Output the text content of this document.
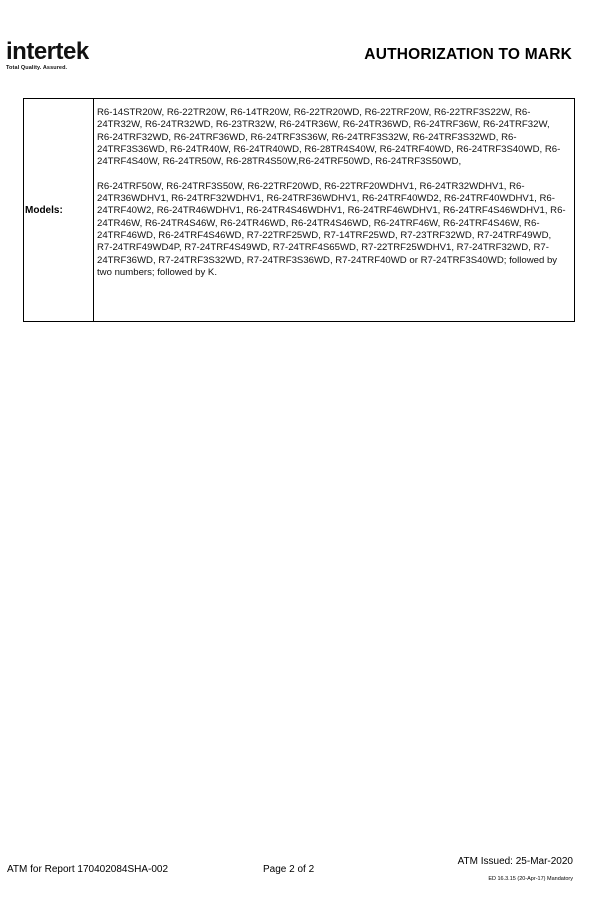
intertek
Total Quality. Assured.
AUTHORIZATION TO MARK
Models:

R6-14STR20W, R6-22TR20W, R6-14TR20W, R6-22TR20WD, R6-22TRF20W, R6-22TRF3S22W, R6-24TR32W, R6-24TR32WD, R6-23TR32W, R6-24TR36W, R6-24TR36WD, R6-24TRF36W, R6-24TRF32W, R6-24TRF32WD, R6-24TRF36WD, R6-24TRF3S36W, R6-24TRF3S32W, R6-24TRF3S32WD, R6-24TRF3S36WD, R6-24TR40W, R6-24TR40WD, R6-28TR4S40W, R6-24TRF40WD, R6-24TRF3S40WD, R6-24TRF4S40W, R6-24TR50W, R6-28TR4S50W,R6-24TRF50WD, R6-24TRF3S50WD,

R6-24TRF50W, R6-24TRF3S50W, R6-22TRF20WD, R6-22TRF20WDHV1, R6-24TR32WDHV1, R6-24TR36WDHV1, R6-24TRF32WDHV1, R6-24TRF36WDHV1, R6-24TRF40WD2, R6-24TRF40WDHV1, R6-24TRF40W2, R6-24TR46WDHV1, R6-24TR4S46WDHV1, R6-24TRF46WDHV1, R6-24TRF4S46WDHV1, R6-24TR46W, R6-24TR4S46W, R6-24TR46WD, R6-24TR4S46WD, R6-24TRF46W, R6-24TRF4S46W, R6-24TRF46WD, R6-24TRF4S46WD, R7-22TRF25WD, R7-14TRF25WD, R7-23TRF32WD, R7-24TRF49WD, R7-24TRF49WD4P, R7-24TRF4S49WD, R7-24TRF4S65WD, R7-22TRF25WDHV1, R7-24TRF32WD, R7-24TRF36WD, R7-24TRF3S32WD, R7-24TRF3S36WD, R7-24TRF40WD or R7-24TRF3S40WD; followed by two numbers; followed by K.

ATM for Report 170402084SHA-002	Page 2 of 2
ATM Issued: 25-Mar-2020
ED 16.3.15 (20-Apr-17) Mandatory
